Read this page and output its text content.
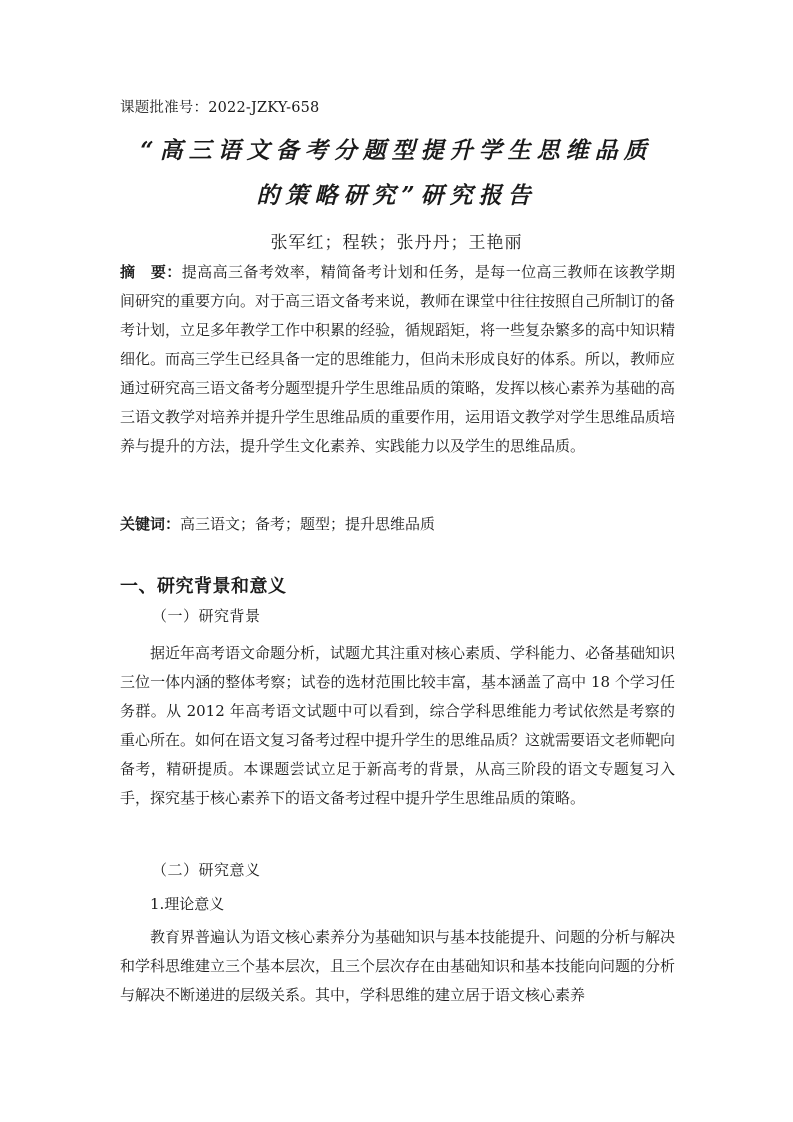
课题批准号：2022-JZKY-658
“高三语文备考分题型提升学生思维品质
的策略研究”研究报告
张军红；程轶；张丹丹；王艳丽
摘　要：提高高三备考效率，精简备考计划和任务，是每一位高三教师在该教学期间研究的重要方向。对于高三语文备考来说，教师在课堂中往往按照自己所制订的备考计划，立足多年教学工作中积累的经验，循规蹈矩，将一些复杂繁多的高中知识精细化。而高三学生已经具备一定的思维能力，但尚未形成良好的体系。所以，教师应通过研究高三语文备考分题型提升学生思维品质的策略，发挥以核心素养为基础的高三语文教学对培养并提升学生思维品质的重要作用，运用语文教学对学生思维品质培养与提升的方法，提升学生文化素养、实践能力以及学生的思维品质。
关键词：高三语文；备考；题型；提升思维品质
一、研究背景和意义
（一）研究背景
据近年高考语文命题分析，试题尤其注重对核心素质、学科能力、必备基础知识三位一体内涵的整体考察；试卷的选材范围比较丰富，基本涵盖了高中 18 个学习任务群。从 2012 年高考语文试题中可以看到，综合学科思维能力考试依然是考察的重心所在。如何在语文复习备考过程中提升学生的思维品质？这就需要语文老师靶向备考，精研提质。本课题尝试立足于新高考的背景，从高三阶段的语文专题复习入手，探究基于核心素养下的语文备考过程中提升学生思维品质的策略。
（二）研究意义
1.理论意义
教育界普遍认为语文核心素养分为基础知识与基本技能提升、问题的分析与解决和学科思维建立三个基本层次，且三个层次存在由基础知识和基本技能向问题的分析与解决不断递进的层级关系。其中，学科思维的建立居于语文核心素养
